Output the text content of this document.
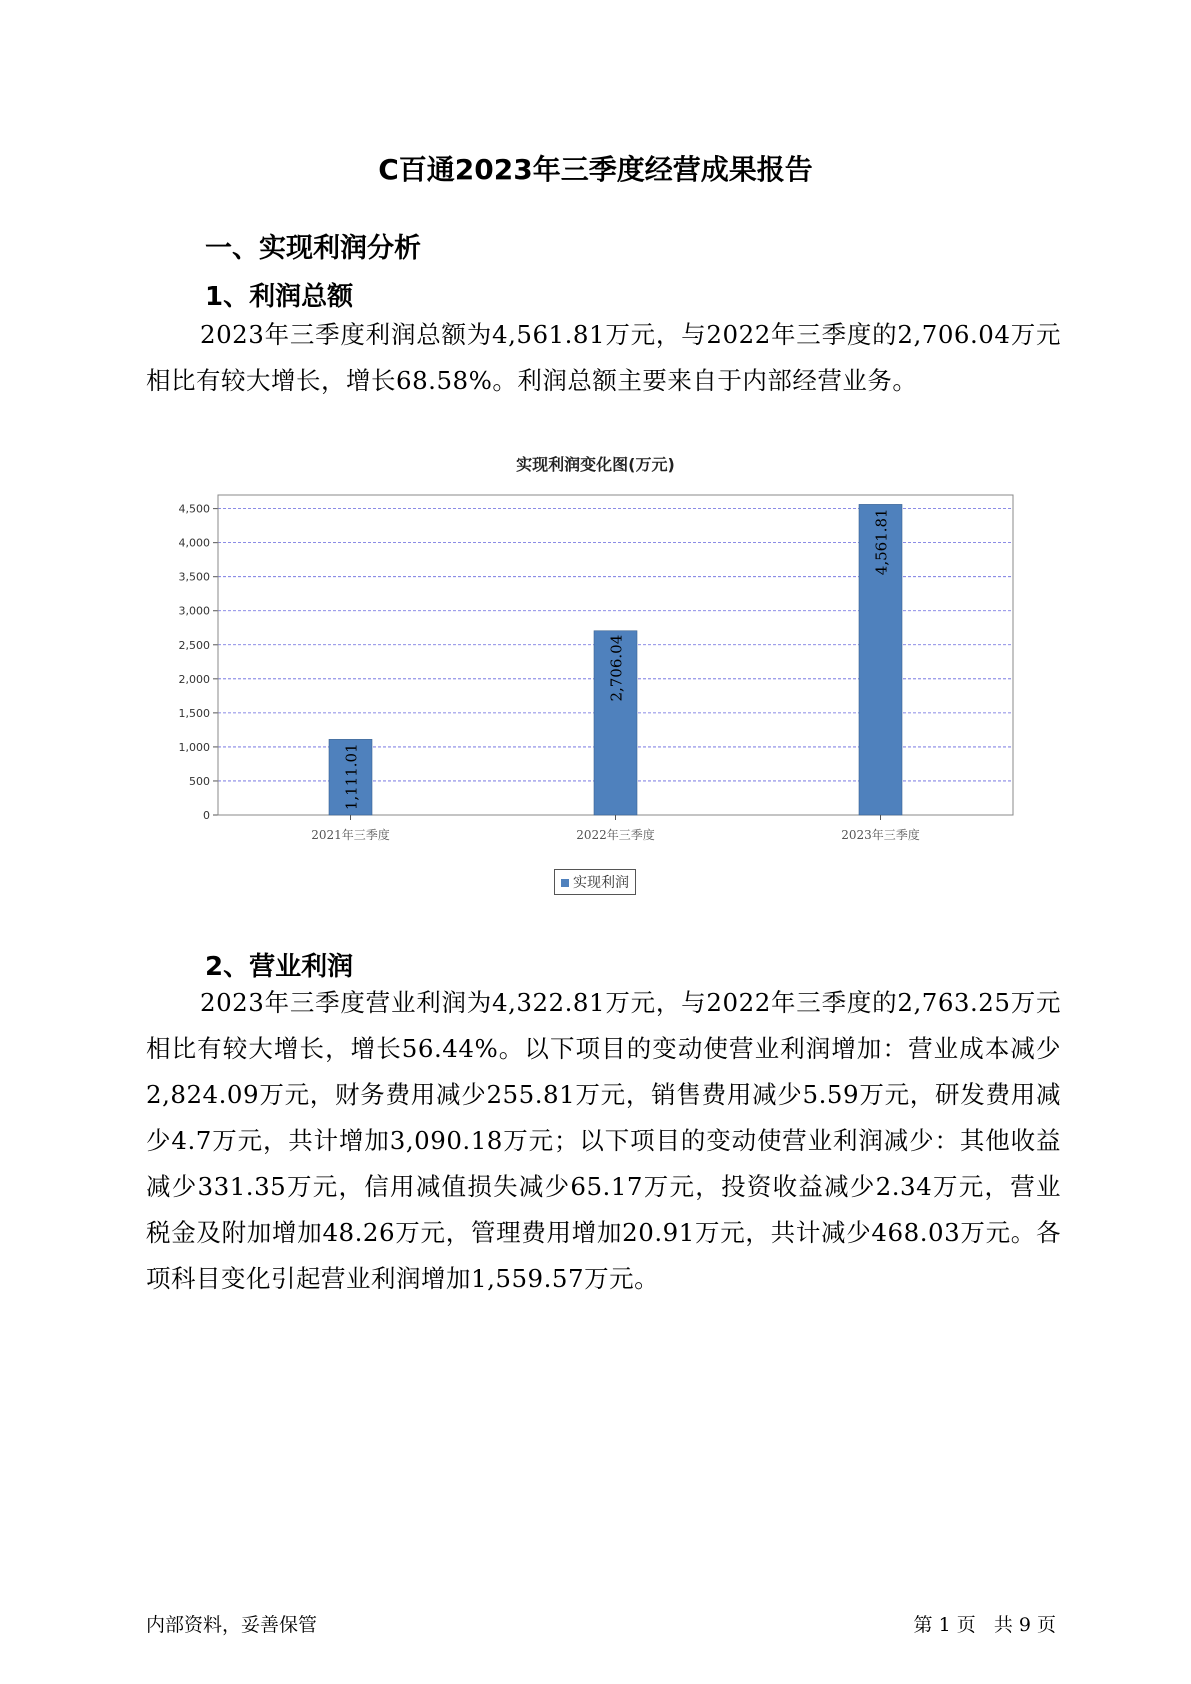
C百通2023年三季度经营成果报告
一、实现利润分析
1、利润总额
2023年三季度利润总额为4,561.81万元，与2022年三季度的2,706.04万元相比有较大增长，增长68.58%。利润总额主要来自于内部经营业务。
实现利润变化图(万元)
0
500
1,000
1,500
2,000
2,500
3,000
3,500
4,000
4,500
1,111.01
2021年三季度
2,706.04
2022年三季度
4,561.81
2023年三季度
实现利润
2、营业利润
2023年三季度营业利润为4,322.81万元，与2022年三季度的2,763.25万元相比有较大增长，增长56.44%。以下项目的变动使营业利润增加：营业成本减少2,824.09万元，财务费用减少255.81万元，销售费用减少5.59万元，研发费用减少4.7万元，共计增加3,090.18万元；以下项目的变动使营业利润减少：其他收益减少331.35万元，信用减值损失减少65.17万元，投资收益减少2.34万元，营业税金及附加增加48.26万元，管理费用增加20.91万元，共计减少468.03万元。各项科目变化引起营业利润增加1,559.57万元。
内部资料，妥善保管	第 1 页   共 9 页
